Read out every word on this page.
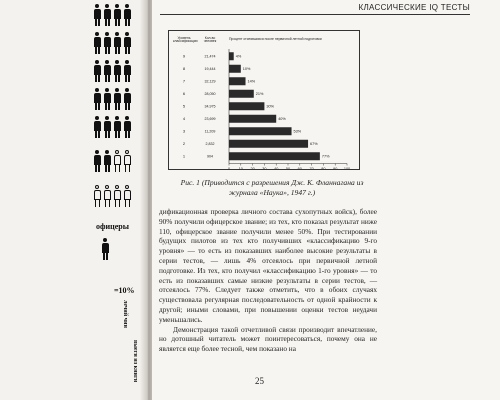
офицеры
=10%
лечий чин
выеги из книги
КЛАССИЧЕСКИЕ IQ ТЕСТЫ
Уровень классификации
Кол-во человек
Процент отсеявшихся после первичной летной подготовки
0 10 20 30 40 50 60 70 80 90 100
9	21,474	4%
8	19,444	10%
7	32,129	14%
6	28,050	21%
5	34,975	30%
4	23,699	40%
3	11,209	53%
2	2,832	67%
1	904	77%
Рис. 1 (Приводится с разрешения Дж. К. Фланнагана из журнала «Наука», 1947 г.)

дификационная проверка личного состава сухопутных войск), более 90% получили офицерское звание; из тех, кто показал результат ниже 110, офицерское звание получили менее 50%. При тестировании будущих пилотов из тех кто получивших «классификацию 9-го уровня» — то есть из показавших наиболее высокие результаты в серии тестов, — лишь 4% отсеялось при первичной летной подготовке. Из тех, кто получил «классификацию 1-го уровня» — то есть из показавших самые низкие результаты в серии тестов, — отсеялось 77%. Следует также отметить, что в обоих случаях существовала регулярная последовательность от одной крайности к другой; иными словами, при повышении оценки тестов неудачи уменьшались.

Демонстрация такой отчетливой связи производит впечатление, но дотошный читатель может поинтересоваться, почему она не является еще более тесной, чем показано на

25
